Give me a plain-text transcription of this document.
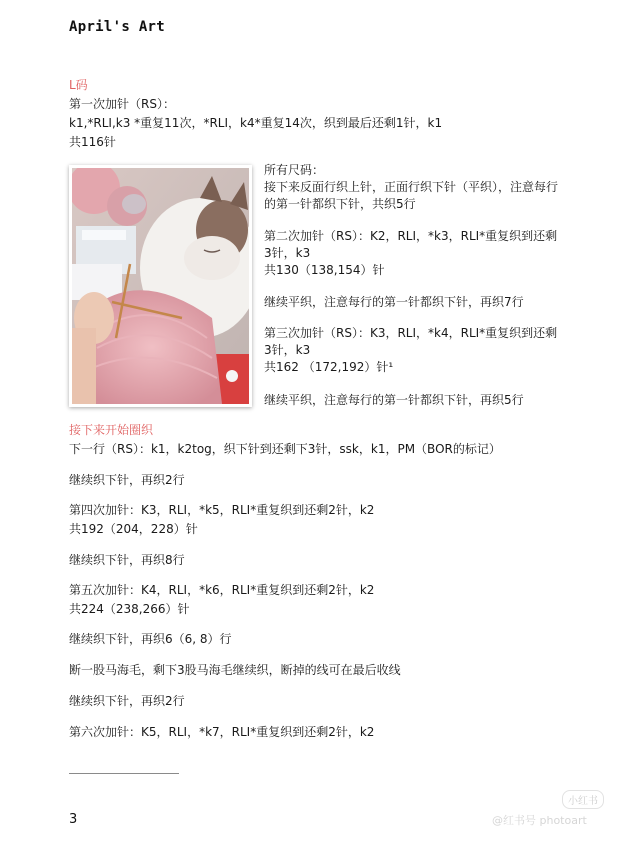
April's Art

L码

第一次加针（RS）：

k1,*RLI,k3 *重复11次，*RLI，k4*重复14次，织到最后还剩1针，k1

共116针

所有尺码：

接下来反面行织上针，正面行织下针（平织），注意每行的第一针都织下针，共织5行

第二次加针（RS）：K2，RLI，*k3，RLI*重复织到还剩3针，k3

共130（138,154）针

继续平织，注意每行的第一针都织下针，再织7行

第三次加针（RS）：K3，RLI，*k4，RLI*重复织到还剩3针，k3

共162 （172,192）针¹

继续平织，注意每行的第一针都织下针，再织5行

接下来开始圈织

下一行（RS）：k1，k2tog，织下针到还剩下3针，ssk，k1，PM（BOR的标记）

继续织下针，再织2行

第四次加针：K3，RLI，*k5，RLI*重复织到还剩2针，k2

共192（204，228）针

继续织下针，再织8行

第五次加针：K4，RLI，*k6，RLI*重复织到还剩2针，k2

共224（238,266）针

继续织下针，再织6（6, 8）行

断一股马海毛，剩下3股马海毛继续织，断掉的线可在最后收线

继续织下针，再织2行

第六次加针：K5，RLI，*k7，RLI*重复织到还剩2针，k2

3
小红书
@红书号 photoart
